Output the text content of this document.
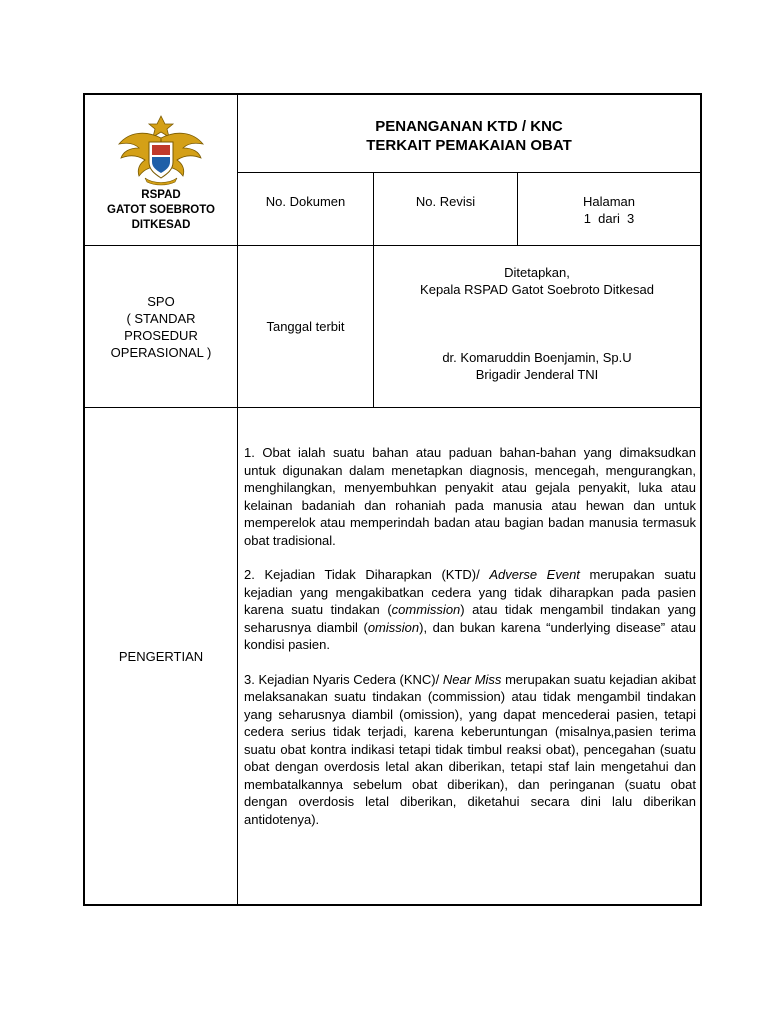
RSPAD
GATOT SOEBROTO
DITKESAD
PENANGANAN KTD / KNC
TERKAIT PEMAKAIAN OBAT
No. Dokumen	No. Revisi	Halaman
1  dari  3
SPO
( STANDAR
PROSEDUR
OPERASIONAL )
Tanggal terbit
Ditetapkan,
Kepala RSPAD Gatot Soebroto Ditkesad
dr. Komaruddin Boenjamin, Sp.U
Brigadir Jenderal TNI
PENGERTIAN

1. Obat ialah suatu bahan atau paduan bahan-bahan yang dimaksudkan untuk digunakan dalam menetapkan diagnosis, mencegah, mengurangkan, menghilangkan, menyembuhkan penyakit atau gejala penyakit, luka atau kelainan badaniah dan rohaniah pada manusia atau hewan dan untuk memperelok atau memperindah badan atau bagian badan manusia termasuk obat tradisional.

2. Kejadian Tidak Diharapkan (KTD)/ Adverse Event merupakan suatu kejadian yang mengakibatkan cedera yang tidak diharapkan pada pasien karena suatu tindakan (commission) atau tidak mengambil tindakan yang seharusnya diambil (omission), dan bukan karena “underlying disease” atau kondisi pasien.

3. Kejadian Nyaris Cedera (KNC)/ Near Miss merupakan suatu kejadian akibat melaksanakan suatu tindakan (commission) atau tidak mengambil tindakan yang seharusnya diambil (omission), yang dapat mencederai pasien, tetapi cedera serius tidak terjadi, karena keberuntungan (misalnya,pasien terima suatu obat kontra indikasi tetapi tidak timbul reaksi obat), pencegahan (suatu obat dengan overdosis letal akan diberikan, tetapi staf lain mengetahui dan membatalkannya sebelum obat diberikan), dan peringanan (suatu obat dengan overdosis letal diberikan, diketahui secara dini lalu diberikan antidotenya).
